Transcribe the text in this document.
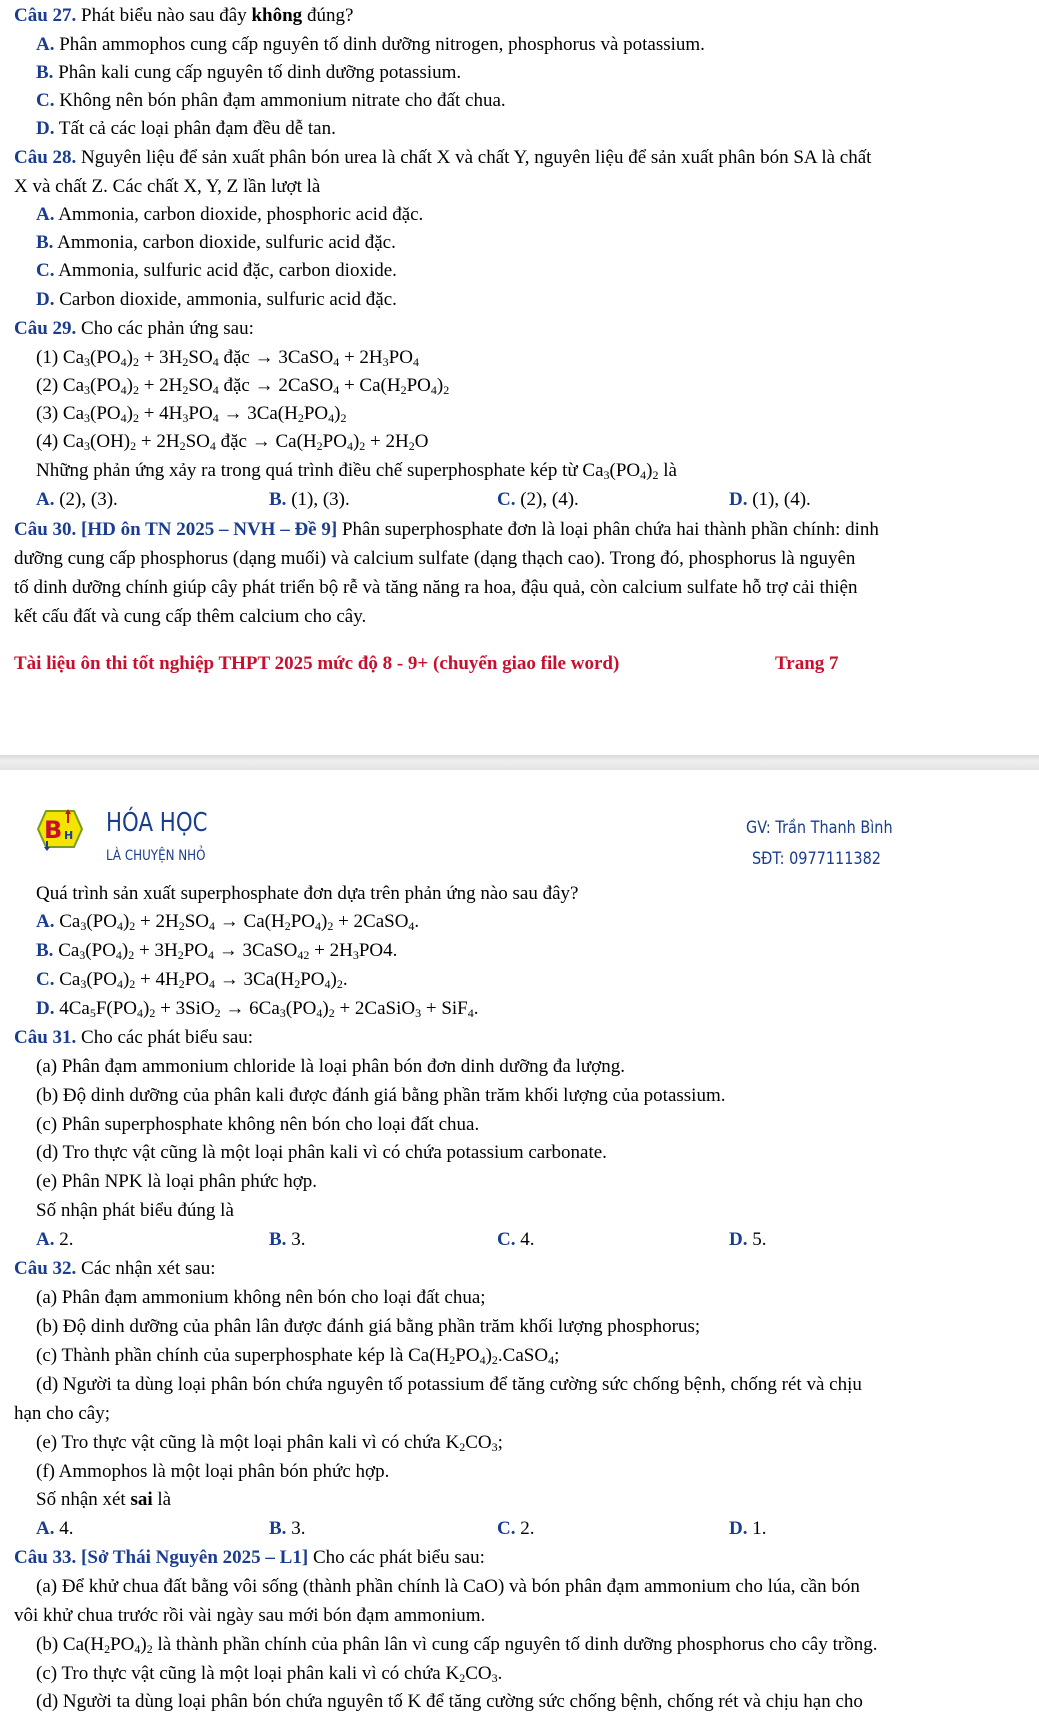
Câu 27. Phát biểu nào sau đây không đúng?
A. Phân ammophos cung cấp nguyên tố dinh dưỡng nitrogen, phosphorus và potassium.
B. Phân kali cung cấp nguyên tố dinh dưỡng potassium.
C. Không nên bón phân đạm ammonium nitrate cho đất chua.
D. Tất cả các loại phân đạm đều dễ tan.
Câu 28. Nguyên liệu để sản xuất phân bón urea là chất X và chất Y, nguyên liệu để sản xuất phân bón SA là chất
X và chất Z. Các chất X, Y, Z lần lượt là
A. Ammonia, carbon dioxide, phosphoric acid đặc.
B. Ammonia, carbon dioxide, sulfuric acid đặc.
C. Ammonia, sulfuric acid đặc, carbon dioxide.
D. Carbon dioxide, ammonia, sulfuric acid đặc.
Câu 29. Cho các phản ứng sau:
(1) $Ca_3(PO_4)_2 + 3H_2SO_4$ đặc → 3CaSO$_4$ + $2H_3PO_4$
(2) $Ca_3(PO_4)_2 + 2H_2SO_4$ đặc → 2CaSO$_4$ + $Ca(H_2PO_4)_2$
(3) $Ca_3(PO_4)_2 + 4H_3PO_4 \to 3Ca(H_2PO_4)_2$
(4) $Ca_3(OH)_2 + 2H_2SO_4$ đặc → $Ca(H_2PO_4)_2 + 2H_2O$
Những phản ứng xảy ra trong quá trình điều chế superphosphate kép từ $Ca_3(PO_4)_2$ là
A. (2), (3).	B. (1), (3).	C. (2), (4).	D. (1), (4).
Câu 30. [HD ôn TN 2025 – NVH – Đề 9] Phân superphosphate đơn là loại phân chứa hai thành phần chính: dinh
dưỡng cung cấp phosphorus (dạng muối) và calcium sulfate (dạng thạch cao). Trong đó, phosphorus là nguyên
tố dinh dưỡng chính giúp cây phát triển bộ rễ và tăng năng ra hoa, đậu quả, còn calcium sulfate hỗ trợ cải thiện
kết cấu đất và cung cấp thêm calcium cho cây.
Tài liệu ôn thi tốt nghiệp THPT 2025 mức độ 8 - 9+ (chuyển giao file word)	Trang 7
B H HÓA HỌC
LÀ CHUYỆN NHỎ
GV: Trần Thanh Bình
SĐT: 0977111382
Quá trình sản xuất superphosphate đơn dựa trên phản ứng nào sau đây?
A. $Ca_3(PO_4)_2 + 2H_2SO_4 \to Ca(H_2PO_4)_2$ + 2CaSO$_4$.
B. $Ca_3(PO_4)_2 + 3H_2PO_4$ → 3CaSO$_{42}$ + $2H_3PO4$.
C. $Ca_3(PO_4)_2 + 4H_2PO_4 \to 3Ca(H_2PO_4)_2$.
D. $4Ca_5F(PO_4)_2 + 3SiO_2 \to 6Ca_3(PO_4)_2$ + 2CaSiO$_3$ + SiF$_4$.
Câu 31. Cho các phát biểu sau:
(a) Phân đạm ammonium chloride là loại phân bón đơn dinh dưỡng đa lượng.
(b) Độ dinh dưỡng của phân kali được đánh giá bằng phần trăm khối lượng của potassium.
(c) Phân superphosphate không nên bón cho loại đất chua.
(d) Tro thực vật cũng là một loại phân kali vì có chứa potassium carbonate.
(e) Phân NPK là loại phân phức hợp.
Số nhận phát biểu đúng là
A. 2.	B. 3.	C. 4.	D. 5.
Câu 32. Các nhận xét sau:
(a) Phân đạm ammonium không nên bón cho loại đất chua;
(b) Độ dinh dưỡng của phân lân được đánh giá bằng phần trăm khối lượng phosphorus;
(c) Thành phần chính của superphosphate kép là $Ca(H_2PO_4)_2.CaSO_4$;
(d) Người ta dùng loại phân bón chứa nguyên tố potassium để tăng cường sức chống bệnh, chống rét và chịu
hạn cho cây;
(e) Tro thực vật cũng là một loại phân kali vì có chứa $K_2CO_3$;
(f) Ammophos là một loại phân bón phức hợp.
Số nhận xét sai là
A. 4.	B. 3.	C. 2.	D. 1.
Câu 33. [Sở Thái Nguyên 2025 – L1] Cho các phát biểu sau:
(a) Để khử chua đất bằng vôi sống (thành phần chính là CaO) và bón phân đạm ammonium cho lúa, cần bón
vôi khử chua trước rồi vài ngày sau mới bón đạm ammonium.
(b) $Ca(H_2PO_4)_2$ là thành phần chính của phân lân vì cung cấp nguyên tố dinh dưỡng phosphorus cho cây trồng.
(c) Tro thực vật cũng là một loại phân kali vì có chứa $K_2CO_3$.
(d) Người ta dùng loại phân bón chứa nguyên tố K để tăng cường sức chống bệnh, chống rét và chịu hạn cho
